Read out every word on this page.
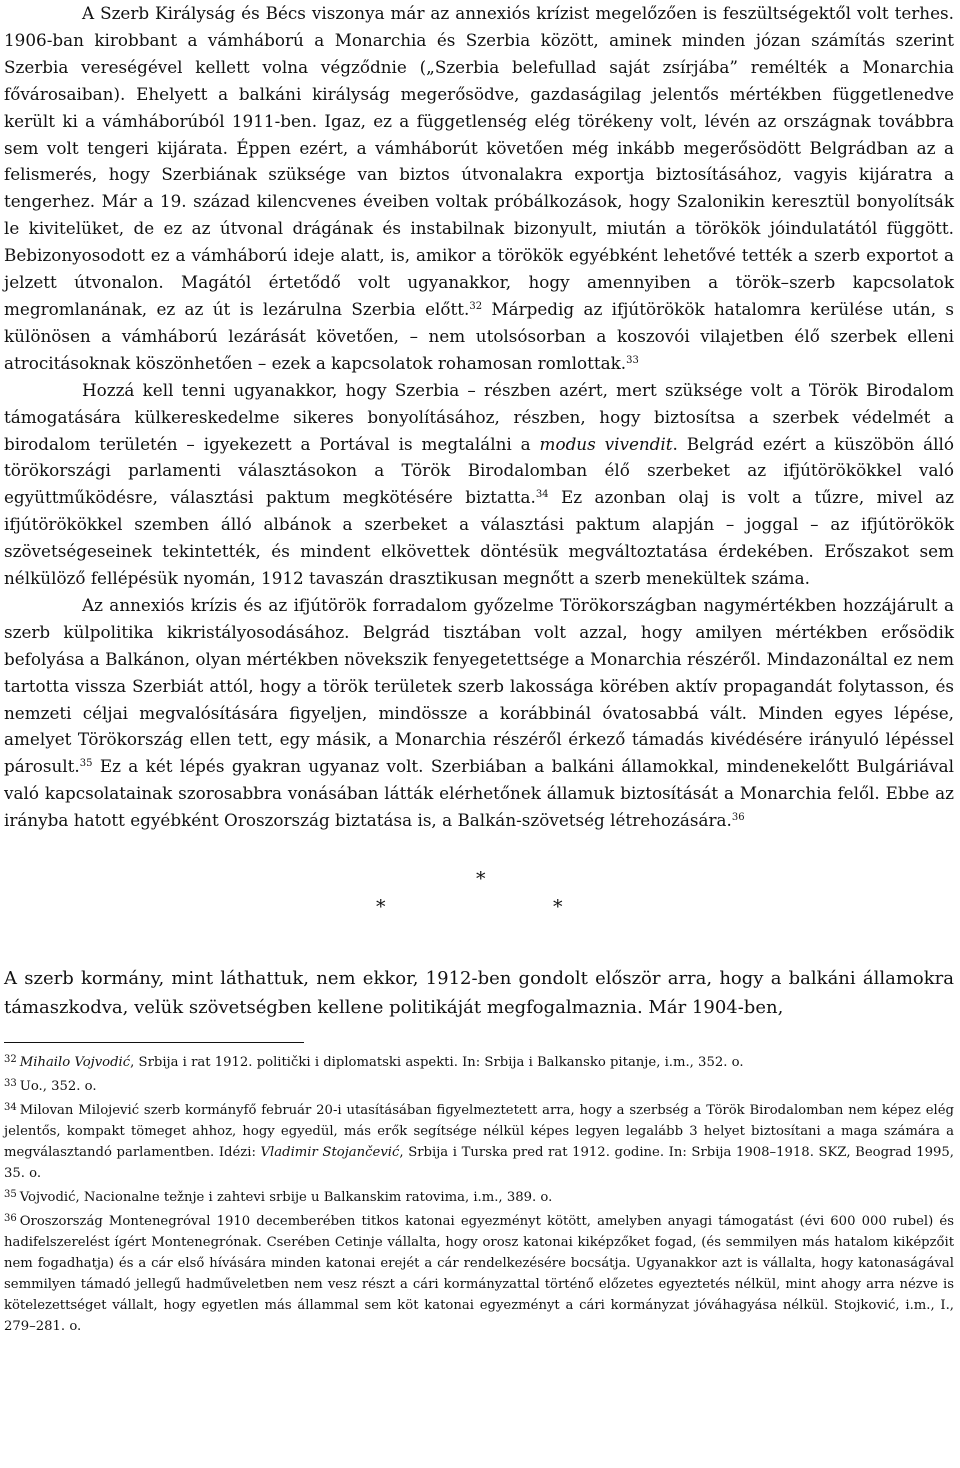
A Szerb Királyság és Bécs viszonya már az annexiós krízist megelőzően is feszültségektől volt terhes. 1906-ban kirobbant a vámháború a Monarchia és Szerbia között, aminek minden józan számítás szerint Szerbia vereségével kellett volna végződnie („Szerbia belefullad saját zsírjába” remélték a Monarchia fővárosaiban). Ehelyett a balkáni királyság megerősödve, gazdaságilag jelentős mértékben függetlenedve került ki a vámháborúból 1911-ben. Igaz, ez a függetlenség elég törékeny volt, lévén az országnak továbbra sem volt tengeri kijárata. Éppen ezért, a vámháborút követően még inkább megerősödött Belgrádban az a felismerés, hogy Szerbiának szüksége van biztos útvonalakra exportja biztosításához, vagyis kijáratra a tengerhez. Már a 19. század kilencvenes éveiben voltak próbálkozások, hogy Szalonikin keresztül bonyolítsák le kivitelüket, de ez az útvonal drágának és instabilnak bizonyult, miután a törökök jóindulatától függött. Bebizonyosodott ez a vámháború ideje alatt, is, amikor a törökök egyébként lehetővé tették a szerb exportot a jelzett útvonalon. Magától értetődő volt ugyanakkor, hogy amennyiben a török–szerb kapcsolatok megromlanának, ez az út is lezárulna Szerbia előtt.$^{32}$ Márpedig az ifjútörökök hatalomra kerülése után, s különösen a vámháború lezárását követően, – nem utolsósorban a koszovói vilajetben élő szerbek elleni atrocitásoknak köszönhetően – ezek a kapcsolatok rohamosan romlottak.$^{33}$

Hozzá kell tenni ugyanakkor, hogy Szerbia – részben azért, mert szüksége volt a Török Birodalom támogatására külkereskedelme sikeres bonyolításához, részben, hogy biztosítsa a szerbek védelmét a birodalom területén – igyekezett a Portával is megtalálni a modus vivendit. Belgrád ezért a küszöbön álló törökországi parlamenti választásokon a Török Birodalomban élő szerbeket az ifjútörökökkel való együttműködésre, választási paktum megkötésére biztatta.$^{34}$ Ez azonban olaj is volt a tűzre, mivel az ifjútörökökkel szemben álló albánok a szerbeket a választási paktum alapján – joggal – az ifjútörökök szövetségeseinek tekintették, és mindent elkövettek döntésük megváltoztatása érdekében. Erőszakot sem nélkülöző fellépésük nyomán, 1912 tavaszán drasztikusan megnőtt a szerb menekültek száma.

Az annexiós krízis és az ifjútörök forradalom győzelme Törökországban nagymértékben hozzájárult a szerb külpolitika kikristályosodásához. Belgrád tisztában volt azzal, hogy amilyen mértékben erősödik befolyása a Balkánon, olyan mértékben növekszik fenyegetettsége a Monarchia részéről. Mindazonáltal ez nem tartotta vissza Szerbiát attól, hogy a török területek szerb lakossága körében aktív propagandát folytasson, és nemzeti céljai megvalósítására figyeljen, mindössze a korábbinál óvatosabbá vált. Minden egyes lépése, amelyet Törökország ellen tett, egy másik, a Monarchia részéről érkező támadás kivédésére irányuló lépéssel párosult.$^{35}$ Ez a két lépés gyakran ugyanaz volt. Szerbiában a balkáni államokkal, mindenekelőtt Bulgáriával való kapcsolatainak szorosabbra vonásában látták elérhetőnek államuk biztosítását a Monarchia felől. Ebbe az irányba hatott egyébként Oroszország biztatása is, a Balkán-szövetség létrehozására.$^{36}$

*
*	*

A szerb kormány, mint láthattuk, nem ekkor, 1912-ben gondolt először arra, hogy a balkáni államokra támaszkodva, velük szövetségben kellene politikáját megfogalmaznia. Már 1904-ben,

$^{32}$ Mihailo Vojvodić, Srbija i rat 1912. politički i diplomatski aspekti. In: Srbija i Balkansko pitanje, i.m., 352. o.

$^{33}$ Uo., 352. o.

$^{34}$ Milovan Milojević szerb kormányfő február 20-i utasításában figyelmeztetett arra, hogy a szerbség a Török Birodalomban nem képez elég jelentős, kompakt tömeget ahhoz, hogy egyedül, más erők segítsége nélkül képes legyen legalább 3 helyet biztosítani a maga számára a megválasztandó parlamentben. Idézi: Vladimir Stojančević, Srbija i Turska pred rat 1912. godine. In: Srbija 1908–1918. SKZ, Beograd 1995, 35. o.

$^{35}$ Vojvodić, Nacionalne težnje i zahtevi srbije u Balkanskim ratovima, i.m., 389. o.

$^{36}$ Oroszország Montenegróval 1910 decemberében titkos katonai egyezményt kötött, amelyben anyagi támogatást (évi 600 000 rubel) és hadifelszerelést ígért Montenegrónak. Cserében Cetinje vállalta, hogy orosz katonai kiképzőket fogad, (és semmilyen más hatalom kiképzőit nem fogadhatja) és a cár első hívására minden katonai erejét a cár rendelkezésére bocsátja. Ugyanakkor azt is vállalta, hogy katonaságával semmilyen támadó jellegű hadműveletben nem vesz részt a cári kormányzattal történő előzetes egyeztetés nélkül, mint ahogy arra nézve is kötelezettséget vállalt, hogy egyetlen más állammal sem köt katonai egyezményt a cári kormányzat jóváhagyása nélkül. Stojković, i.m., I., 279–281. o.
